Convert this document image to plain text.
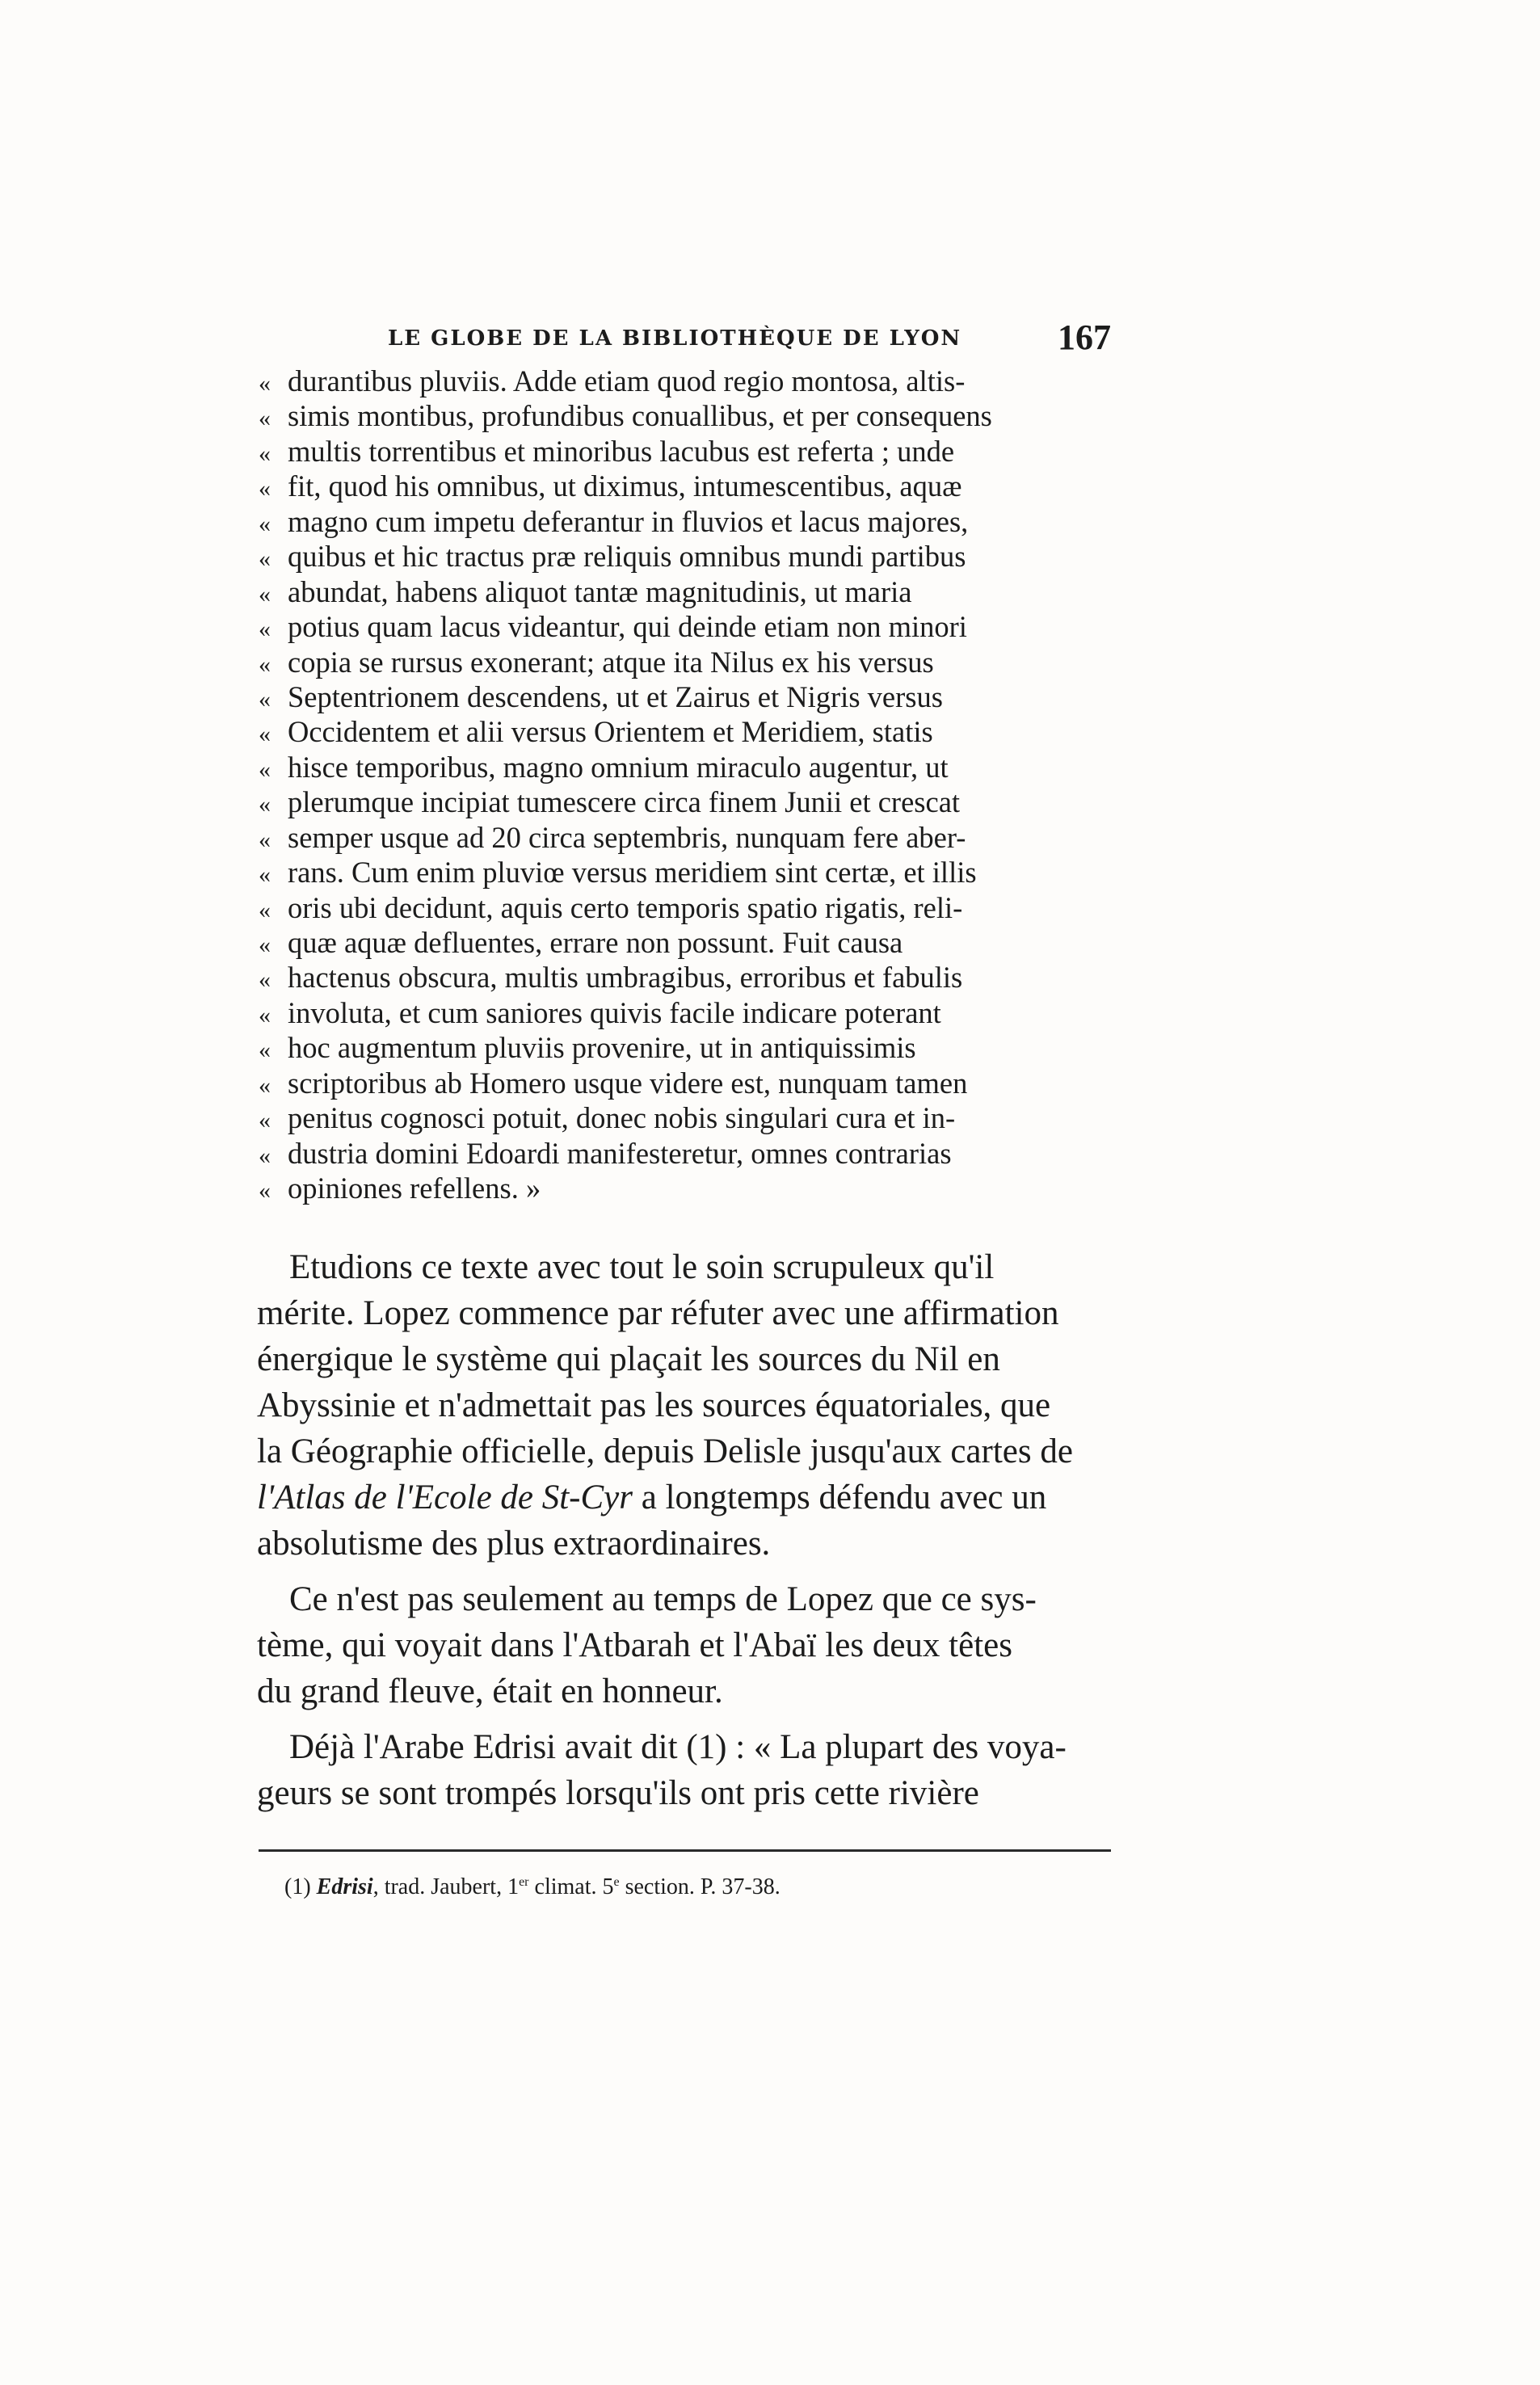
LE GLOBE DE LA BIBLIOTHÈQUE DE LYON	167
« durantibus pluviis. Adde etiam quod regio montosa, altis-
« simis montibus, profundibus conuallibus, et per consequens
« multis torrentibus et minoribus lacubus est referta ; unde
« fit, quod his omnibus, ut diximus, intumescentibus, aquæ
« magno cum impetu deferantur in fluvios et lacus majores,
« quibus et hic tractus præ reliquis omnibus mundi partibus
« abundat, habens aliquot tantæ magnitudinis, ut maria
« potius quam lacus videantur, qui deinde etiam non minori
« copia se rursus exonerant; atque ita Nilus ex his versus
« Septentrionem descendens, ut et Zairus et Nigris versus
« Occidentem et alii versus Orientem et Meridiem, statis
« hisce temporibus, magno omnium miraculo augentur, ut
« plerumque incipiat tumescere circa finem Junii et crescat
« semper usque ad 20 circa septembris, nunquam fere aber-
« rans. Cum enim pluviœ versus meridiem sint certæ, et illis
« oris ubi decidunt, aquis certo temporis spatio rigatis, reli-
« quæ aquæ defluentes, errare non possunt. Fuit causa
« hactenus obscura, multis umbragibus, erroribus et fabulis
« involuta, et cum saniores quivis facile indicare poterant
« hoc augmentum pluviis provenire, ut in antiquissimis
« scriptoribus ab Homero usque videre est, nunquam tamen
« penitus cognosci potuit, donec nobis singulari cura et in-
« dustria domini Edoardi manifesteretur, omnes contrarias
« opiniones refellens. »
Etudions ce texte avec tout le soin scrupuleux qu'il
mérite. Lopez commence par réfuter avec une affirmation
énergique le système qui plaçait les sources du Nil en
Abyssinie et n'admettait pas les sources équatoriales, que
la Géographie officielle, depuis Delisle jusqu'aux cartes de
l'Atlas de l'Ecole de St-Cyr a longtemps défendu avec un
absolutisme des plus extraordinaires.
Ce n'est pas seulement au temps de Lopez que ce sys-
tème, qui voyait dans l'Atbarah et l'Abaï les deux têtes
du grand fleuve, était en honneur.
Déjà l'Arabe Edrisi avait dit (1) : « La plupart des voya-
geurs se sont trompés lorsqu'ils ont pris cette rivière
(1) Edrisi, trad. Jaubert, 1er climat. 5e section. P. 37-38.
